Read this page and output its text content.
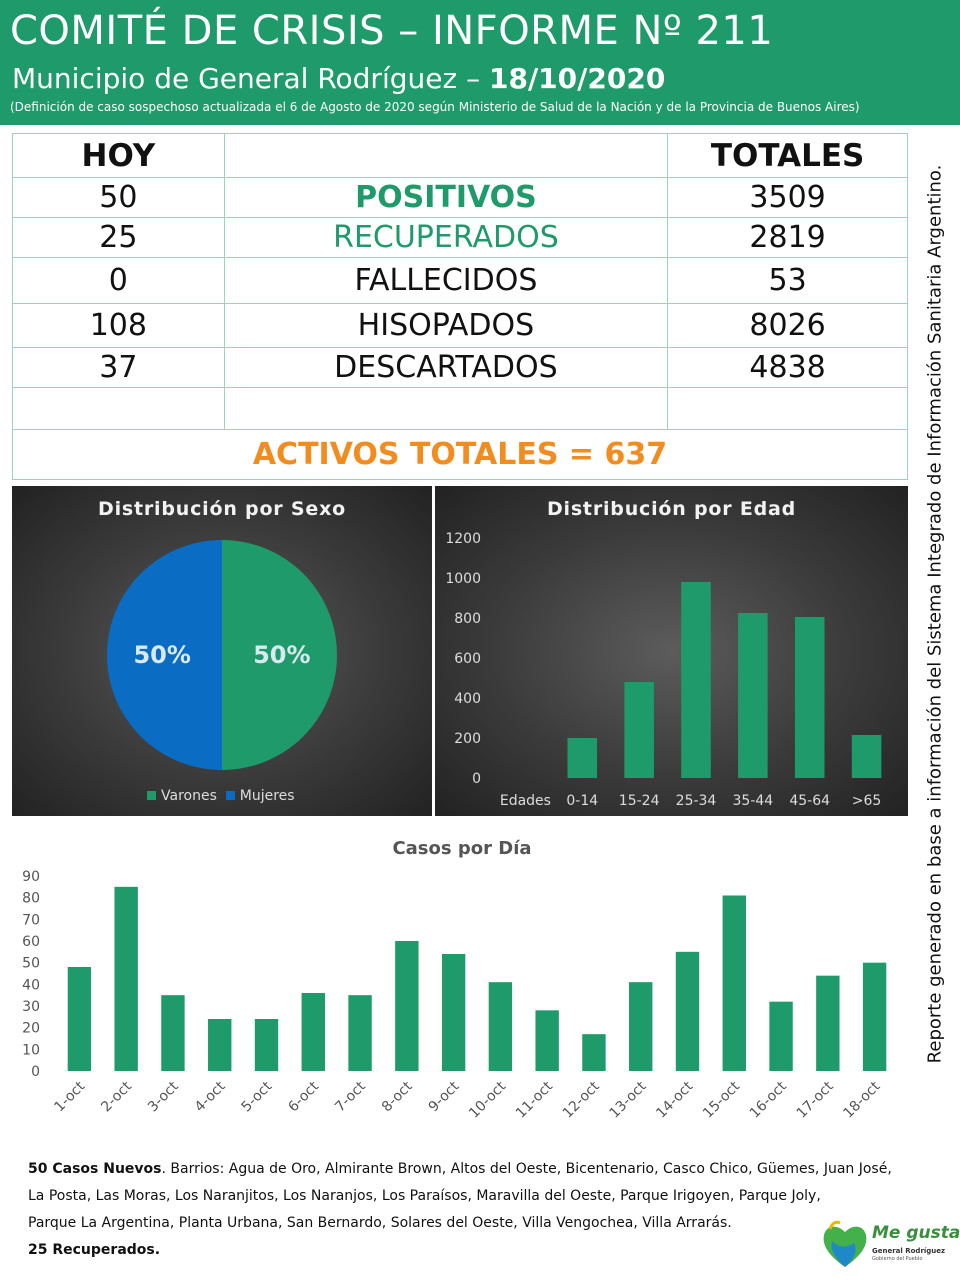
COMITÉ DE CRISIS – INFORME Nº 211
Municipio de General Rodríguez – 18/10/2020
(Definición de caso sospechoso actualizada el 6 de Agosto de 2020 según Ministerio de Salud de la Nación y de la Provincia de Buenos Aires)
HOY		TOTALES
50	POSITIVOS	3509
25	RECUPERADOS	2819
0	FALLECIDOS	53
108	HISOPADOS	8026
37	DESCARTADOS	4838

ACTIVOS TOTALES = 637		
Distribución por Sexo
50%
50%
Varones Mujeres
Distribución por Edad
0
200
400
600
800
1000
1200
Edades 0-14 15-24 25-34 35-44 45-64 >65
Casos por Día
0
10
20
30
40
50
60
70
80
90
1-oct 2-oct 3-oct 4-oct 5-oct 6-oct 7-oct 8-oct 9-oct 10-oct 11-oct 12-oct 13-oct 14-oct 15-oct 16-oct 17-oct 18-oct
Reporte generado en base a información del Sistema Integrado de Información Sanitaria Argentino.
50 Casos Nuevos. Barrios: Agua de Oro, Almirante Brown, Altos del Oeste, Bicentenario, Casco Chico, Güemes, Juan José,
La Posta, Las Moras, Los Naranjitos, Los Naranjos, Los Paraísos, Maravilla del Oeste, Parque Irigoyen, Parque Joly,
Parque La Argentina, Planta Urbana, San Bernardo, Solares del Oeste, Villa Vengochea, Villa Arrarás.
25 Recuperados.
Me gusta
General Rodríguez
Gobierno del Pueblo
